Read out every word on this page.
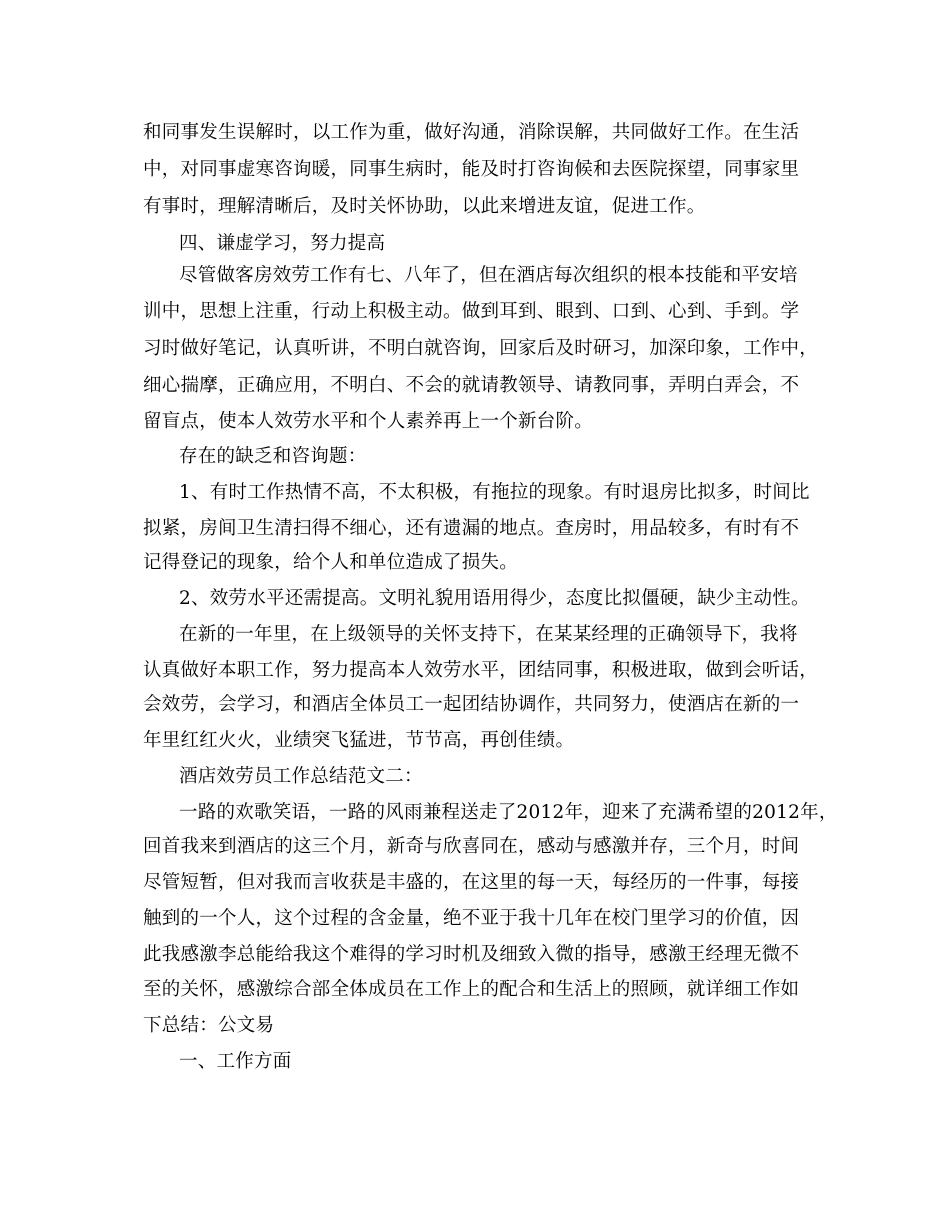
和同事发生误解时，以工作为重，做好沟通，消除误解，共同做好工作。在生活
中，对同事虚寒咨询暖，同事生病时，能及时打咨询候和去医院探望，同事家里
有事时，理解清晰后，及时关怀协助，以此来增进友谊，促进工作。
四、谦虚学习，努力提高
尽管做客房效劳工作有七、八年了，但在酒店每次组织的根本技能和平安培
训中，思想上注重，行动上积极主动。做到耳到、眼到、口到、心到、手到。学
习时做好笔记，认真听讲，不明白就咨询，回家后及时研习，加深印象，工作中，
细心揣摩，正确应用，不明白、不会的就请教领导、请教同事，弄明白弄会，不
留盲点，使本人效劳水平和个人素养再上一个新台阶。
存在的缺乏和咨询题：
1、有时工作热情不高，不太积极，有拖拉的现象。有时退房比拟多，时间比
拟紧，房间卫生清扫得不细心，还有遗漏的地点。查房时，用品较多，有时有不
记得登记的现象，给个人和单位造成了损失。
2、效劳水平还需提高。文明礼貌用语用得少，态度比拟僵硬，缺少主动性。
在新的一年里，在上级领导的关怀支持下，在某某经理的正确领导下，我将
认真做好本职工作，努力提高本人效劳水平，团结同事，积极进取，做到会听话，
会效劳，会学习，和酒店全体员工一起团结协调作，共同努力，使酒店在新的一
年里红红火火，业绩突飞猛进，节节高，再创佳绩。
酒店效劳员工作总结范文二：
一路的欢歌笑语，一路的风雨兼程送走了2012年，迎来了充满希望的2012年，
回首我来到酒店的这三个月，新奇与欣喜同在，感动与感激并存，三个月，时间
尽管短暂，但对我而言收获是丰盛的，在这里的每一天，每经历的一件事，每接
触到的一个人，这个过程的含金量，绝不亚于我十几年在校门里学习的价值，因
此我感激李总能给我这个难得的学习时机及细致入微的指导，感激王经理无微不
至的关怀，感激综合部全体成员在工作上的配合和生活上的照顾，就详细工作如
下总结：公文易
一、工作方面
